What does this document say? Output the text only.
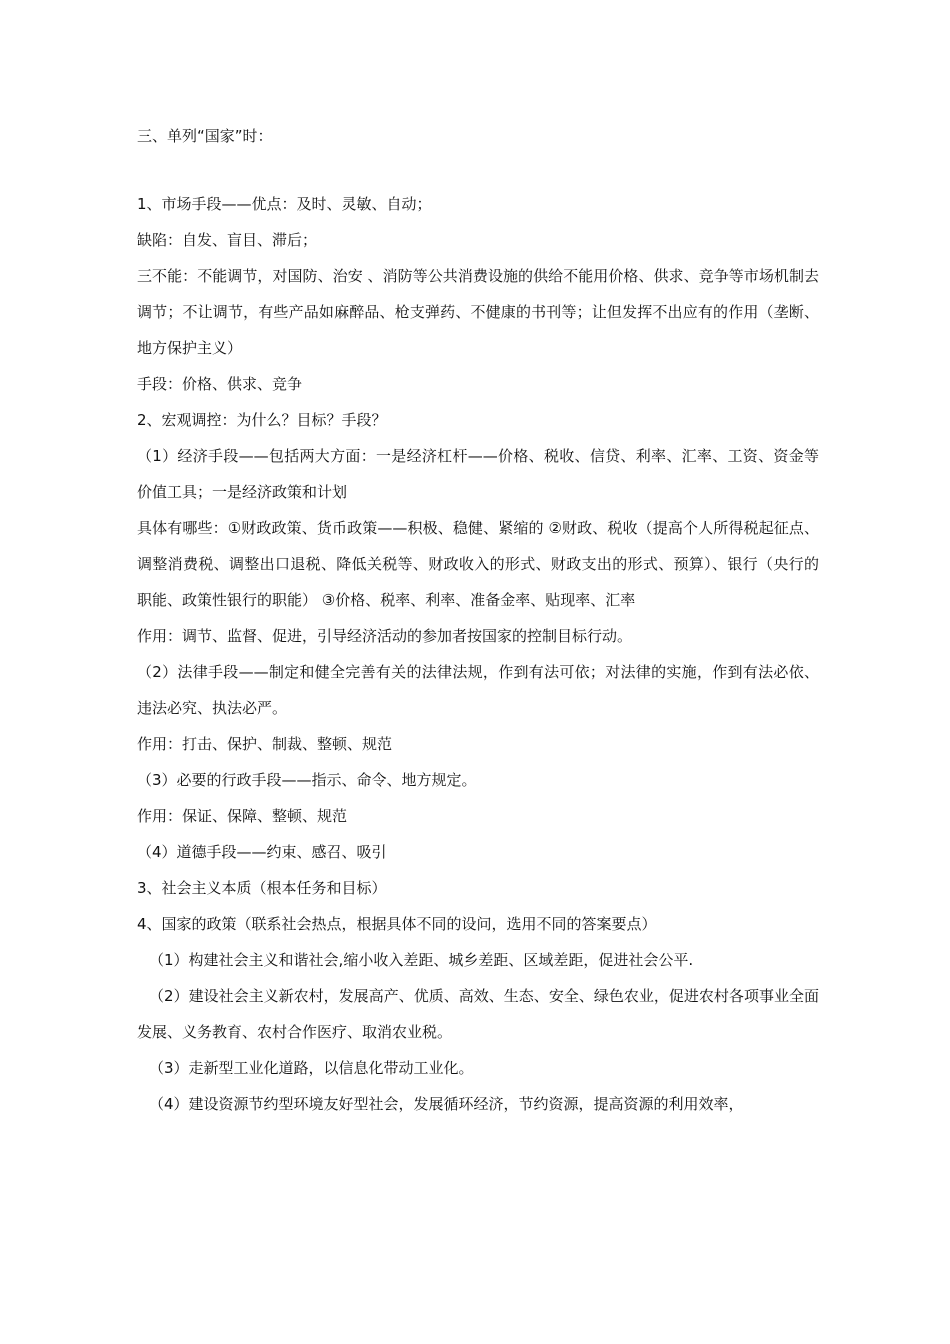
三、单列“国家”时：

1、市场手段——优点：及时、灵敏、自动；

缺陷：自发、盲目、滞后；

三不能：不能调节，对国防、治安 、消防等公共消费设施的供给不能用价格、供求、竞争等市场机制去调节；不让调节，有些产品如麻醉品、枪支弹药、不健康的书刊等；让但发挥不出应有的作用（垄断、地方保护主义）

手段：价格、供求、竞争

2、宏观调控：为什么？目标？手段？

（1）经济手段——包括两大方面：一是经济杠杆——价格、税收、信贷、利率、汇率、工资、资金等价值工具；一是经济政策和计划

具体有哪些：①财政政策、货币政策——积极、稳健、紧缩的 ②财政、税收（提高个人所得税起征点、调整消费税、调整出口退税、降低关税等、财政收入的形式、财政支出的形式、预算）、银行（央行的职能、政策性银行的职能） ③价格、税率、利率、准备金率、贴现率、汇率

作用：调节、监督、促进，引导经济活动的参加者按国家的控制目标行动。

（2）法律手段——制定和健全完善有关的法律法规，作到有法可依；对法律的实施，作到有法必依、违法必究、执法必严。

作用：打击、保护、制裁、整顿、规范

（3）必要的行政手段——指示、命令、地方规定。

作用：保证、保障、整顿、规范

（4）道德手段——约束、感召、吸引

3、社会主义本质（根本任务和目标）

4、国家的政策（联系社会热点，根据具体不同的设问，选用不同的答案要点）

（1）构建社会主义和谐社会,缩小收入差距、城乡差距、区域差距，促进社会公平.

（2）建设社会主义新农村，发展高产、优质、高效、生态、安全、绿色农业，促进农村各项事业全面发展、义务教育、农村合作医疗、取消农业税。

（3）走新型工业化道路，以信息化带动工业化。

（4）建设资源节约型环境友好型社会，发展循环经济，节约资源，提高资源的利用效率，
